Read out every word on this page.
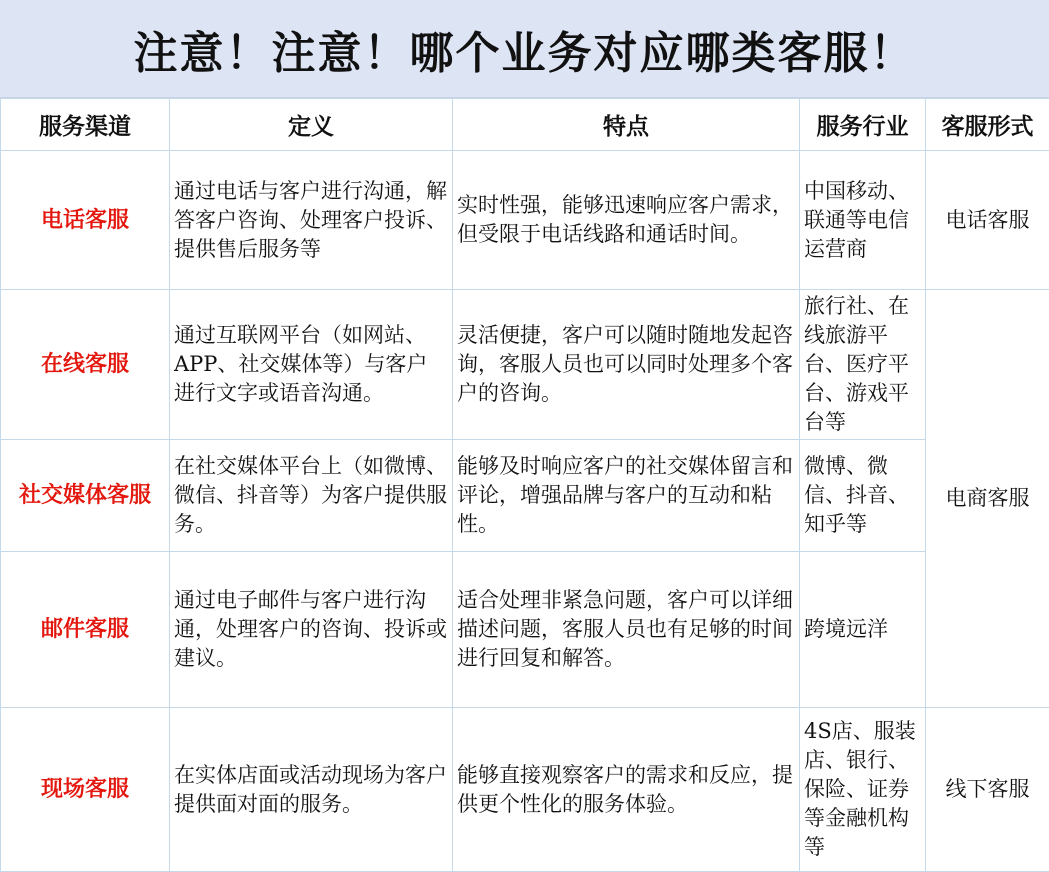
注意！注意！哪个业务对应哪类客服！
服务渠道	定义	特点	服务行业	客服形式
电话客服	通过电话与客户进行沟通，解答客户咨询、处理客户投诉、提供售后服务等	实时性强，能够迅速响应客户需求，但受限于电话线路和通话时间。	中国移动、联通等电信运营商	电话客服
在线客服	通过互联网平台（如网站、APP、社交媒体等）与客户进行文字或语音沟通。	灵活便捷，客户可以随时随地发起咨询，客服人员也可以同时处理多个客户的咨询。	旅行社、在线旅游平台、医疗平台、游戏平台等	电商客服
社交媒体客服	在社交媒体平台上（如微博、微信、抖音等）为客户提供服务。	能够及时响应客户的社交媒体留言和评论，增强品牌与客户的互动和粘性。	微博、微信、抖音、知乎等	
邮件客服	通过电子邮件与客户进行沟通，处理客户的咨询、投诉或建议。	适合处理非紧急问题，客户可以详细描述问题，客服人员也有足够的时间进行回复和解答。	跨境远洋	
现场客服	在实体店面或活动现场为客户提供面对面的服务。	能够直接观察客户的需求和反应，提供更个性化的服务体验。	4S店、服装店、银行、保险、证券等金融机构等	线下客服
